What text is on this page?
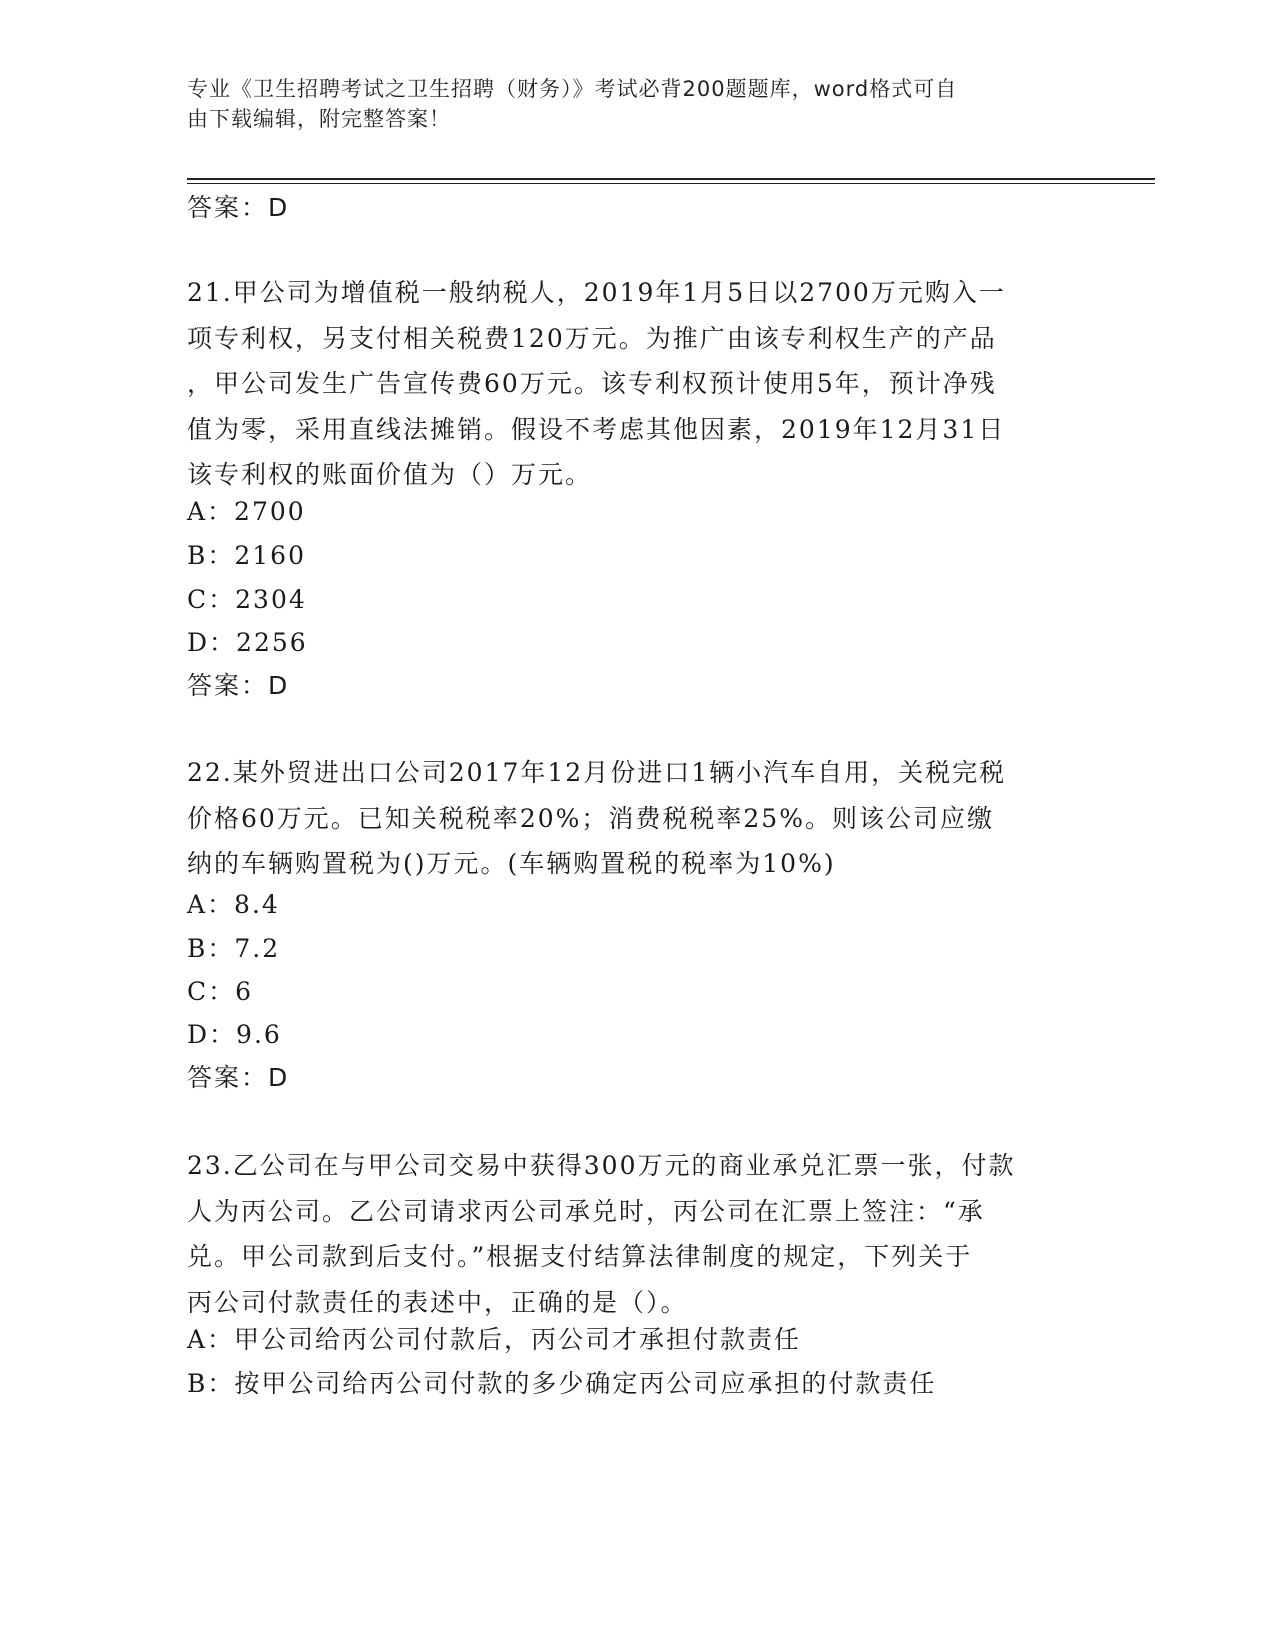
专业《卫生招聘考试之卫生招聘（财务）》考试必背200题题库，word格式可自
由下载编辑，附完整答案！
答案：D
21.甲公司为增值税一般纳税人，2019年1月5日以2700万元购入一
项专利权，另支付相关税费120万元。为推广由该专利权生产的产品
，甲公司发生广告宣传费60万元。该专利权预计使用5年，预计净残
值为零，采用直线法摊销。假设不考虑其他因素，2019年12月31日
该专利权的账面价值为（）万元。
A：2700
B：2160
C：2304
D：2256
答案：D
22.某外贸进出口公司2017年12月份进口1辆小汽车自用，关税完税
价格60万元。已知关税税率20%；消费税税率25%。则该公司应缴
纳的车辆购置税为()万元。(车辆购置税的税率为10%)
A：8.4
B：7.2
C：6
D：9.6
答案：D
23.乙公司在与甲公司交易中获得300万元的商业承兑汇票一张，付款
人为丙公司。乙公司请求丙公司承兑时，丙公司在汇票上签注：“承
兑。甲公司款到后支付。”根据支付结算法律制度的规定，下列关于
丙公司付款责任的表述中，正确的是（）。
A：甲公司给丙公司付款后，丙公司才承担付款责任
B：按甲公司给丙公司付款的多少确定丙公司应承担的付款责任
